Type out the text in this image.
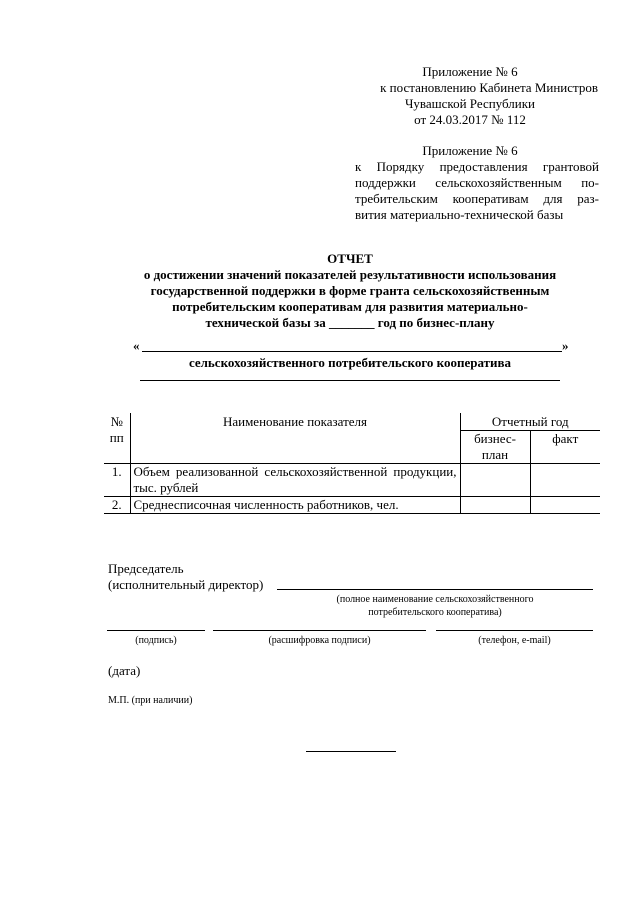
Приложение № 6
к постановлению Кабинета Министров
Чувашской Республики
от 24.03.2017 № 112
Приложение № 6
к Порядку предоставления грантовой
поддержки сельскохозяйственным по-
требительским кооперативам для раз-
вития материально-технической базы
ОТЧЕТ
о достижении значений показателей результативности использования
государственной поддержки в форме гранта сельскохозяйственным
потребительским кооперативам для развития материально-
технической базы за _______ год по бизнес-плану
«	»
сельскохозяйственного потребительского кооператива
№ пп	Наименование показателя	Отчетный год	
		бизнес-план	факт
1.	Объем реализованной сельскохозяйственной продукции, тыс. рублей		
2.	Среднесписочная численность работников, чел.		
Председатель
(исполнительный директор)
(полное наименование сельскохозяйственного
потребительского кооператива)
(подпись)	(расшифровка подписи)	(телефон, e-mail)
(дата)
М.П. (при наличии)
